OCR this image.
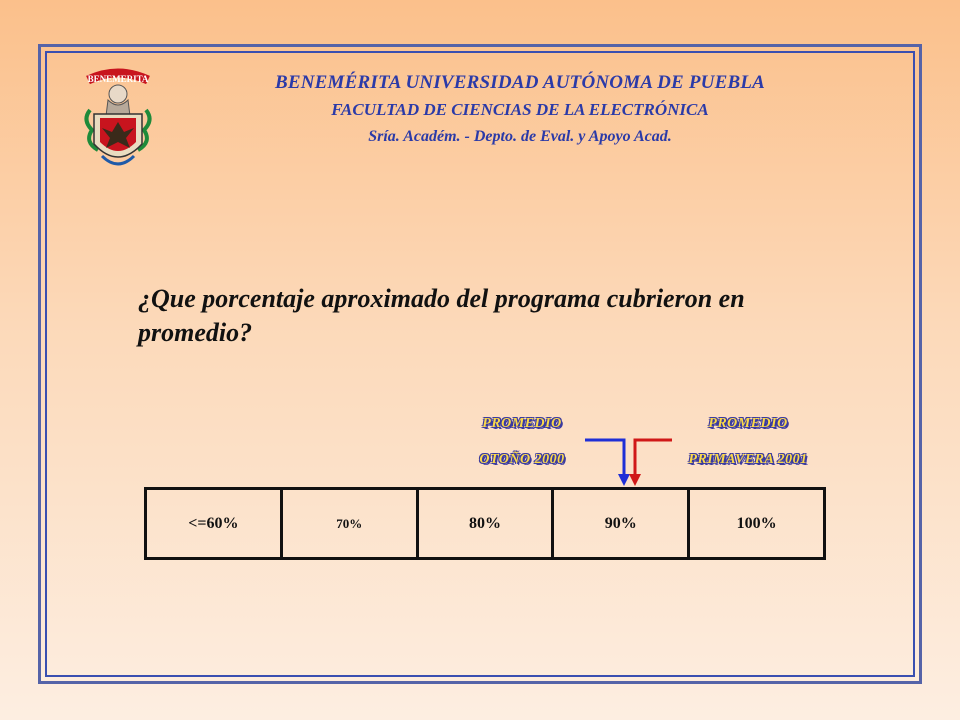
BENEMERITA	BENEMÉRITA UNIVERSIDAD AUTÓNOMA DE PUEBLA
FACULTAD DE CIENCIAS DE LA ELECTRÓNICA
Sría. Académ. - Depto. de Eval. y Apoyo Acad.
¿Que porcentaje aproximado del programa cubrieron en promedio?
PROMEDIO
OTOÑO 2000
PROMEDIO
PRIMAVERA 2001
<=60%	70%	80%	90%	100%
